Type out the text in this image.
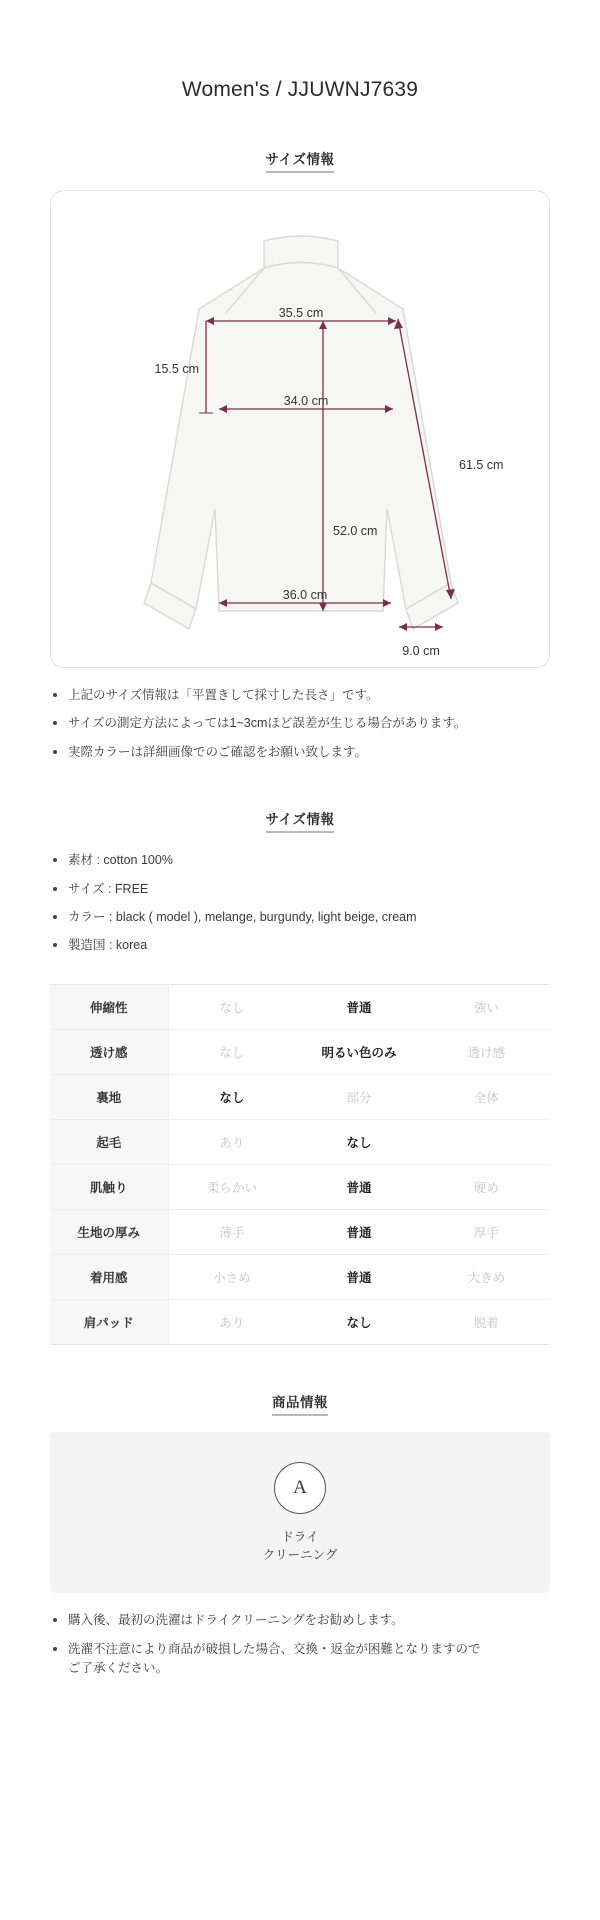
Women's / JJUWNJ7639
サイズ情報
35.5 cm
15.5 cm
34.0 cm
61.5 cm
52.0 cm
36.0 cm
9.0 cm
上記のサイズ情報は「平置きして採寸した長さ」です。
サイズの測定方法によっては1~3cmほど誤差が生じる場合があります。
実際カラーは詳細画像でのご確認をお願い致します。
サイズ情報
素材 : cotton 100%
サイズ : FREE
カラー : black ( model ), melange, burgundy, light beige, cream
製造国 : korea
伸縮性	なし	普通	強い
透け感	なし	明るい色のみ	透け感
裏地	なし	部分	全体
起毛	あり	なし	
肌触り	柔らかい	普通	硬め
生地の厚み	薄手	普通	厚手
着用感	小さめ	普通	大きめ
肩パッド	あり	なし	脱着
商品情報
A
ドライ
クリーニング
購入後、最初の洗濯はドライクリーニングをお勧めします。
洗濯不注意により商品が破損した場合、交換・返金が困難となりますので
ご了承ください。
